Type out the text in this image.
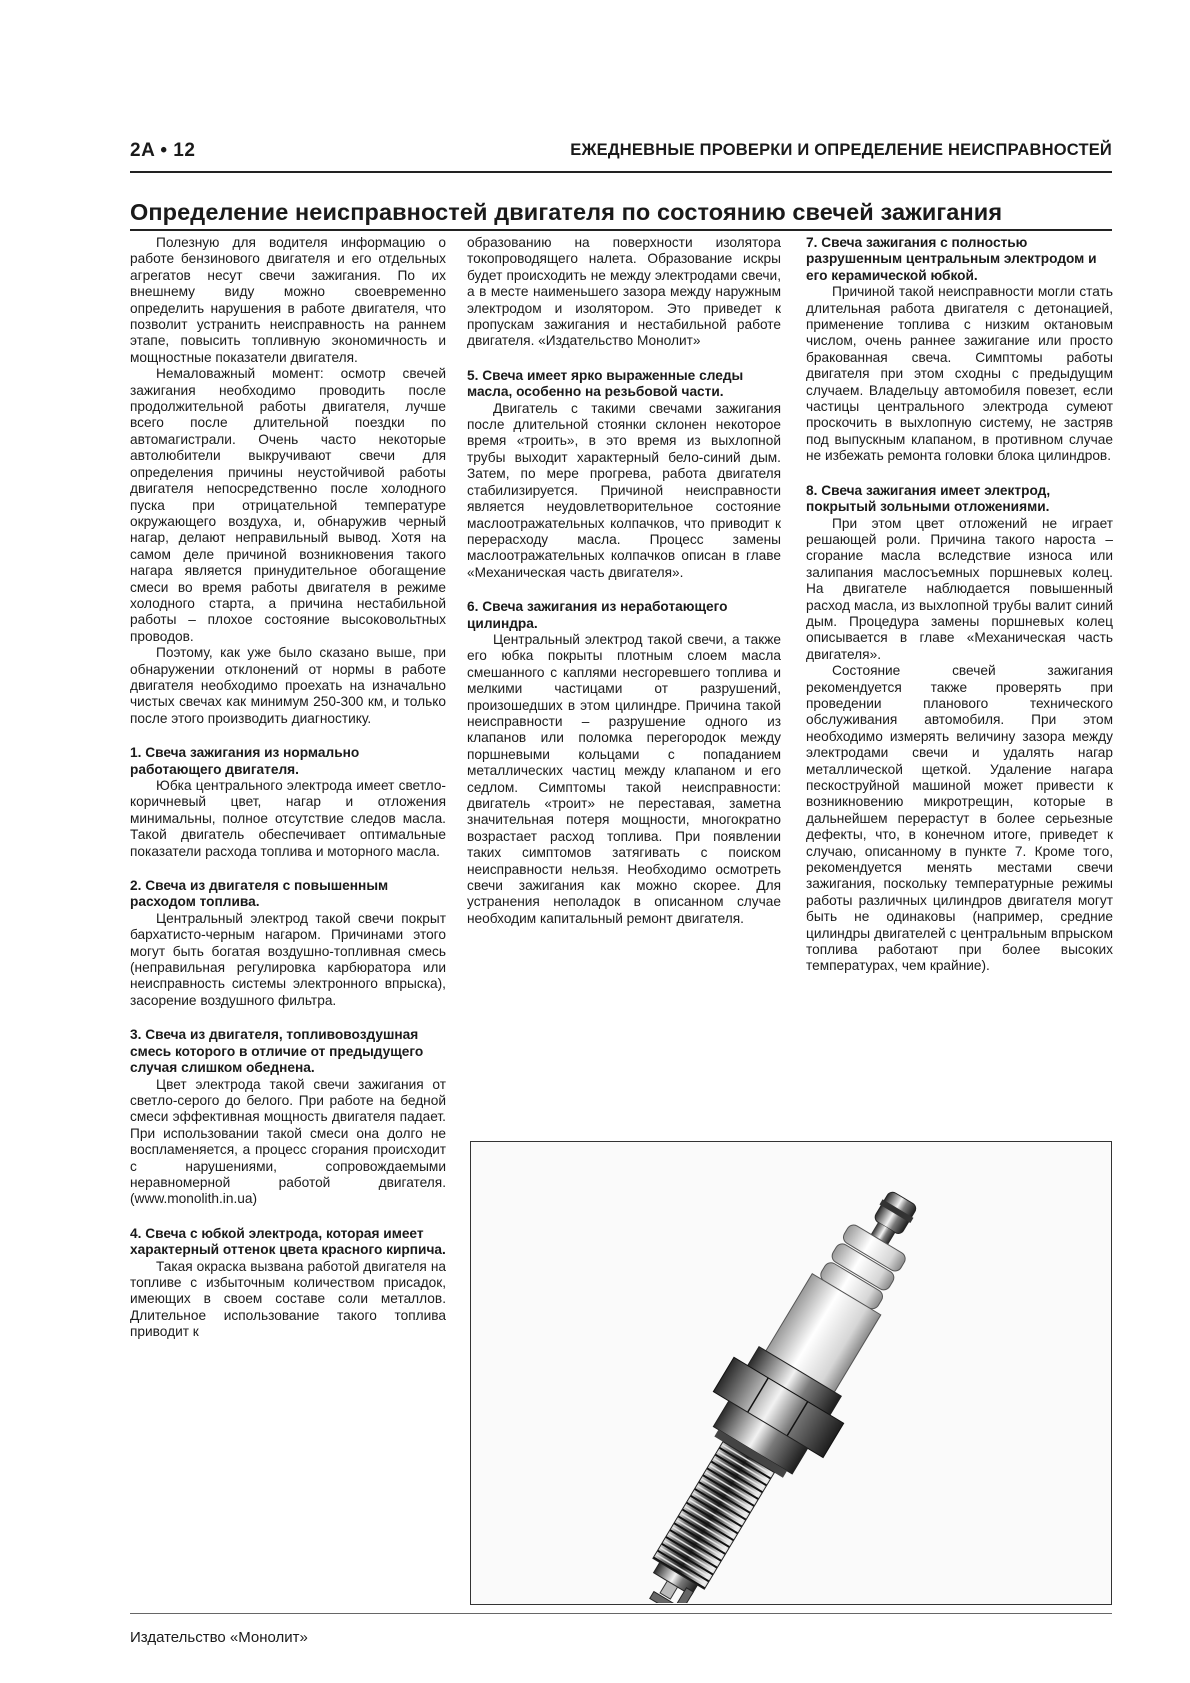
2A • 12	ЕЖЕДНЕВНЫЕ ПРОВЕРКИ И ОПРЕДЕЛЕНИЕ НЕИСПРАВНОСТЕЙ
Определение неисправностей двигателя по состоянию свечей зажигания

Полезную для водителя информацию о работе бензинового двигателя и его отдельных агрегатов несут свечи зажигания. По их внешнему виду можно своевременно определить нарушения в работе двигателя, что позволит устранить неисправность на раннем этапе, повысить топливную экономичность и мощностные показатели двигателя.

Немаловажный момент: осмотр свечей зажигания необходимо проводить после продолжительной работы двигателя, лучше всего после длительной поездки по автомагистрали. Очень часто некоторые автолюбители выкручивают свечи для определения причины неустойчивой работы двигателя непосредственно после холодного пуска при отрицательной температуре окружающего воздуха, и, обнаружив черный нагар, делают неправильный вывод. Хотя на самом деле причиной возникновения такого нагара является принудительное обогащение смеси во время работы двигателя в режиме холодного старта, а причина нестабильной работы – плохое состояние высоковольтных проводов.

Поэтому, как уже было сказано выше, при обнаружении отклонений от нормы в работе двигателя необходимо проехать на изначально чистых свечах как минимум 250-300 км, и только после этого производить диагностику.

1. Свеча зажигания из нормально работающего двигателя.

Юбка центрального электрода имеет светло-коричневый цвет, нагар и отложения минимальны, полное отсутствие следов масла. Такой двигатель обеспечивает оптимальные показатели расхода топлива и моторного масла.

2. Свеча из двигателя с повышенным расходом топлива.

Центральный электрод такой свечи покрыт бархатисто-черным нагаром. Причинами этого могут быть богатая воздушно-топливная смесь (неправильная регулировка карбюратора или неисправность системы электронного впрыска), засорение воздушного фильтра.

3. Свеча из двигателя, топливовоздушная смесь которого в отличие от предыдущего случая слишком обеднена.

Цвет электрода такой свечи зажигания от светло-серого до белого. При работе на бедной смеси эффективная мощность двигателя падает. При использовании такой смеси она долго не воспламеняется, а процесс сгорания происходит с нарушениями, сопровождаемыми неравномерной работой двигателя. (www.monolith.in.ua)

4. Свеча с юбкой электрода, которая имеет характерный оттенок цвета красного кирпича.

Такая окраска вызвана работой двигателя на топливе с избыточным количеством присадок, имеющих в своем составе соли металлов. Длительное использование такого топлива приводит к

образованию на поверхности изолятора токопроводящего налета. Образование искры будет происходить не между электродами свечи, а в месте наименьшего зазора между наружным электродом и изолятором. Это приведет к пропускам зажигания и нестабильной работе двигателя. «Издательство Монолит»

5. Свеча имеет ярко выраженные следы масла, особенно на резьбовой части.

Двигатель с такими свечами зажигания после длительной стоянки склонен некоторое время «троить», в это время из выхлопной трубы выходит характерный бело-синий дым. Затем, по мере прогрева, работа двигателя стабилизируется. Причиной неисправности является неудовлетворительное состояние маслоотражательных колпачков, что приводит к перерасходу масла. Процесс замены маслоотражательных колпачков описан в главе «Механическая часть двигателя».

6. Свеча зажигания из неработающего цилиндра.

Центральный электрод такой свечи, а также его юбка покрыты плотным слоем масла смешанного с каплями несгоревшего топлива и мелкими частицами от разрушений, произошедших в этом цилиндре. Причина такой неисправности – разрушение одного из клапанов или поломка перегородок между поршневыми кольцами с попаданием металлических частиц между клапаном и его седлом. Симптомы такой неисправности: двигатель «троит» не переставая, заметна значительная потеря мощности, многократно возрастает расход топлива. При появлении таких симптомов затягивать с поиском неисправности нельзя. Необходимо осмотреть свечи зажигания как можно скорее. Для устранения неполадок в описанном случае необходим капитальный ремонт двигателя.

7. Свеча зажигания с полностью разрушенным центральным электродом и его керамической юбкой.

Причиной такой неисправности могли стать длительная работа двигателя с детонацией, применение топлива с низким октановым числом, очень раннее зажигание или просто бракованная свеча. Симптомы работы двигателя при этом сходны с предыдущим случаем. Владельцу автомобиля повезет, если частицы центрального электрода сумеют проскочить в выхлопную систему, не застряв под выпускным клапаном, в противном случае не избежать ремонта головки блока цилиндров.

8. Свеча зажигания имеет электрод, покрытый зольными отложениями.

При этом цвет отложений не играет решающей роли. Причина такого нароста – сгорание масла вследствие износа или залипания маслосъемных поршневых колец. На двигателе наблюдается повышенный расход масла, из выхлопной трубы валит синий дым. Процедура замены поршневых колец описывается в главе «Механическая часть двигателя».

Состояние свечей зажигания рекомендуется также проверять при проведении планового технического обслуживания автомобиля. При этом необходимо измерять величину зазора между электродами свечи и удалять нагар металлической щеткой. Удаление нагара пескоструйной машиной может привести к возникновению микротрещин, которые в дальнейшем перерастут в более серьезные дефекты, что, в конечном итоге, приведет к случаю, описанному в пункте 7. Кроме того, рекомендуется менять местами свечи зажигания, поскольку температурные режимы работы различных цилиндров двигателя могут быть не одинаковы (например, средние цилиндры двигателей с центральным впрыском топлива работают при более высоких температурах, чем крайние).

Издательство «Монолит»
